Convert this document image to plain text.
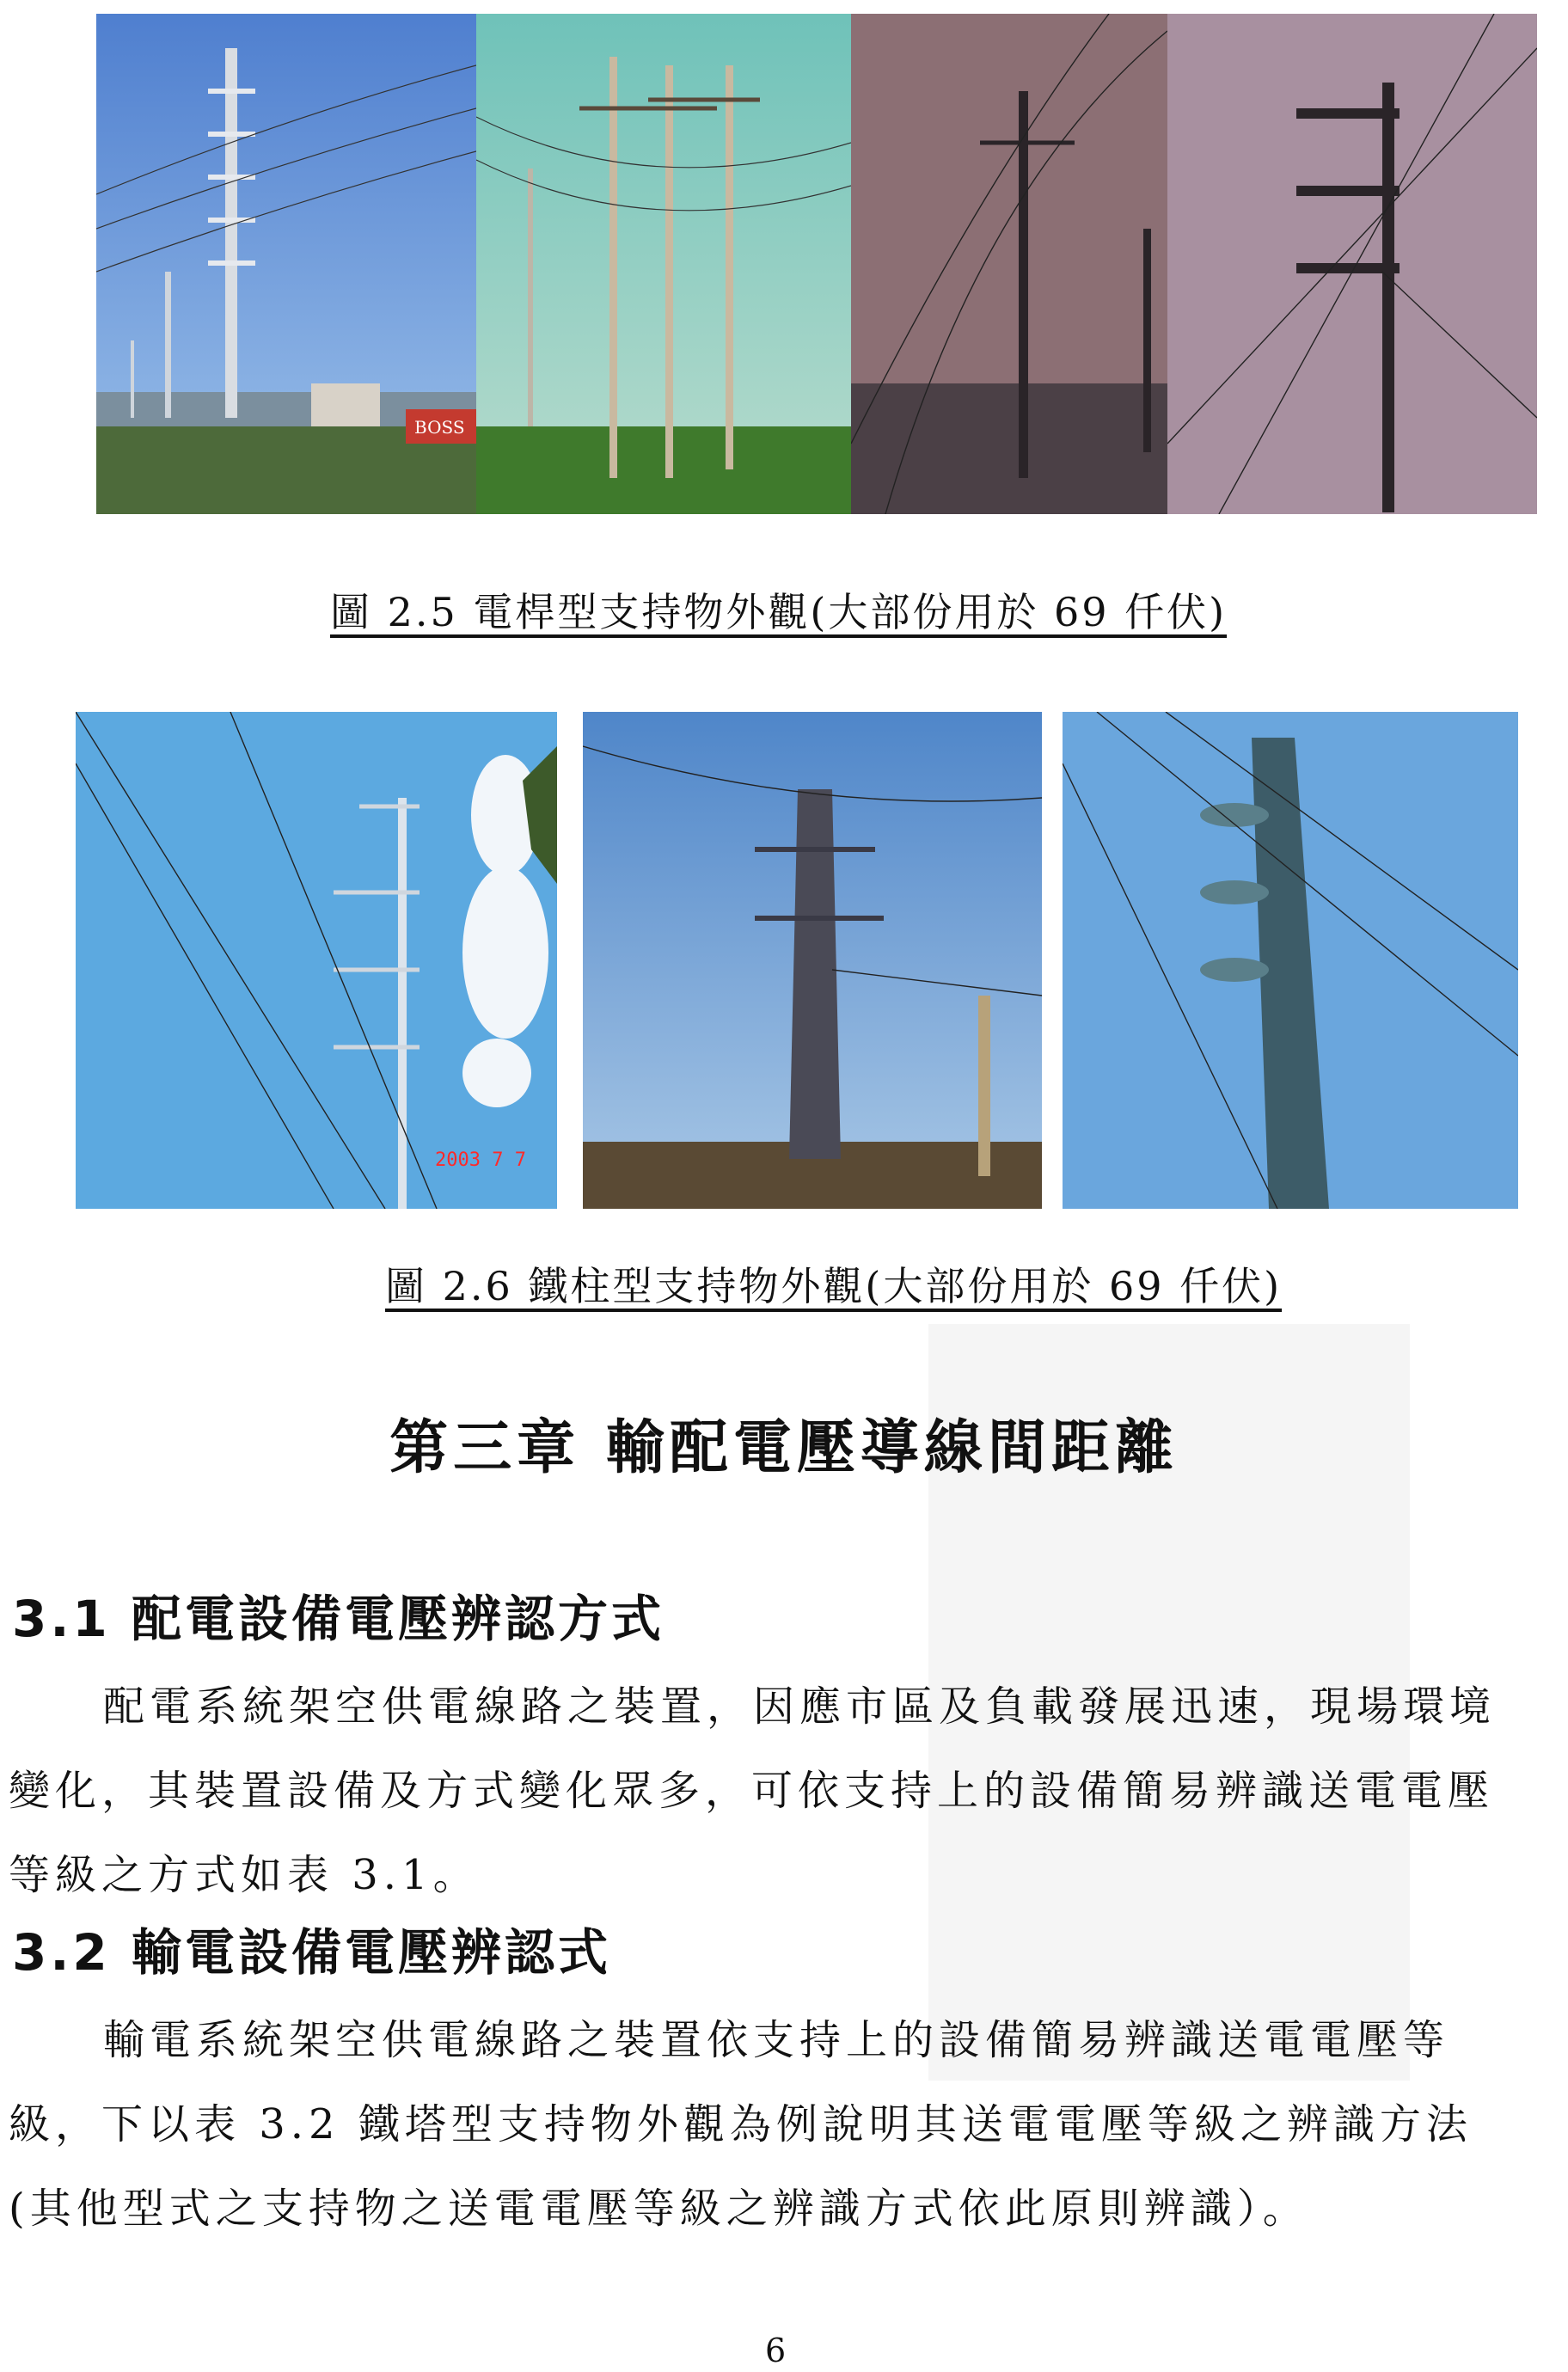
BOSS
圖 2.5 電桿型支持物外觀(大部份用於 69 仟伏)
2003 7 7
圖 2.6 鐵柱型支持物外觀(大部份用於 69 仟伏)
第三章 輸配電壓導線間距離
3.1 配電設備電壓辨認方式
配電系統架空供電線路之裝置，因應市區及負載發展迅速，現場環境
變化，其裝置設備及方式變化眾多，可依支持上的設備簡易辨識送電電壓
等級之方式如表 3.1。
3.2 輸電設備電壓辨認式
輸電系統架空供電線路之裝置依支持上的設備簡易辨識送電電壓等
級，下以表 3.2 鐵塔型支持物外觀為例說明其送電電壓等級之辨識方法
(其他型式之支持物之送電電壓等級之辨識方式依此原則辨識）。
6
